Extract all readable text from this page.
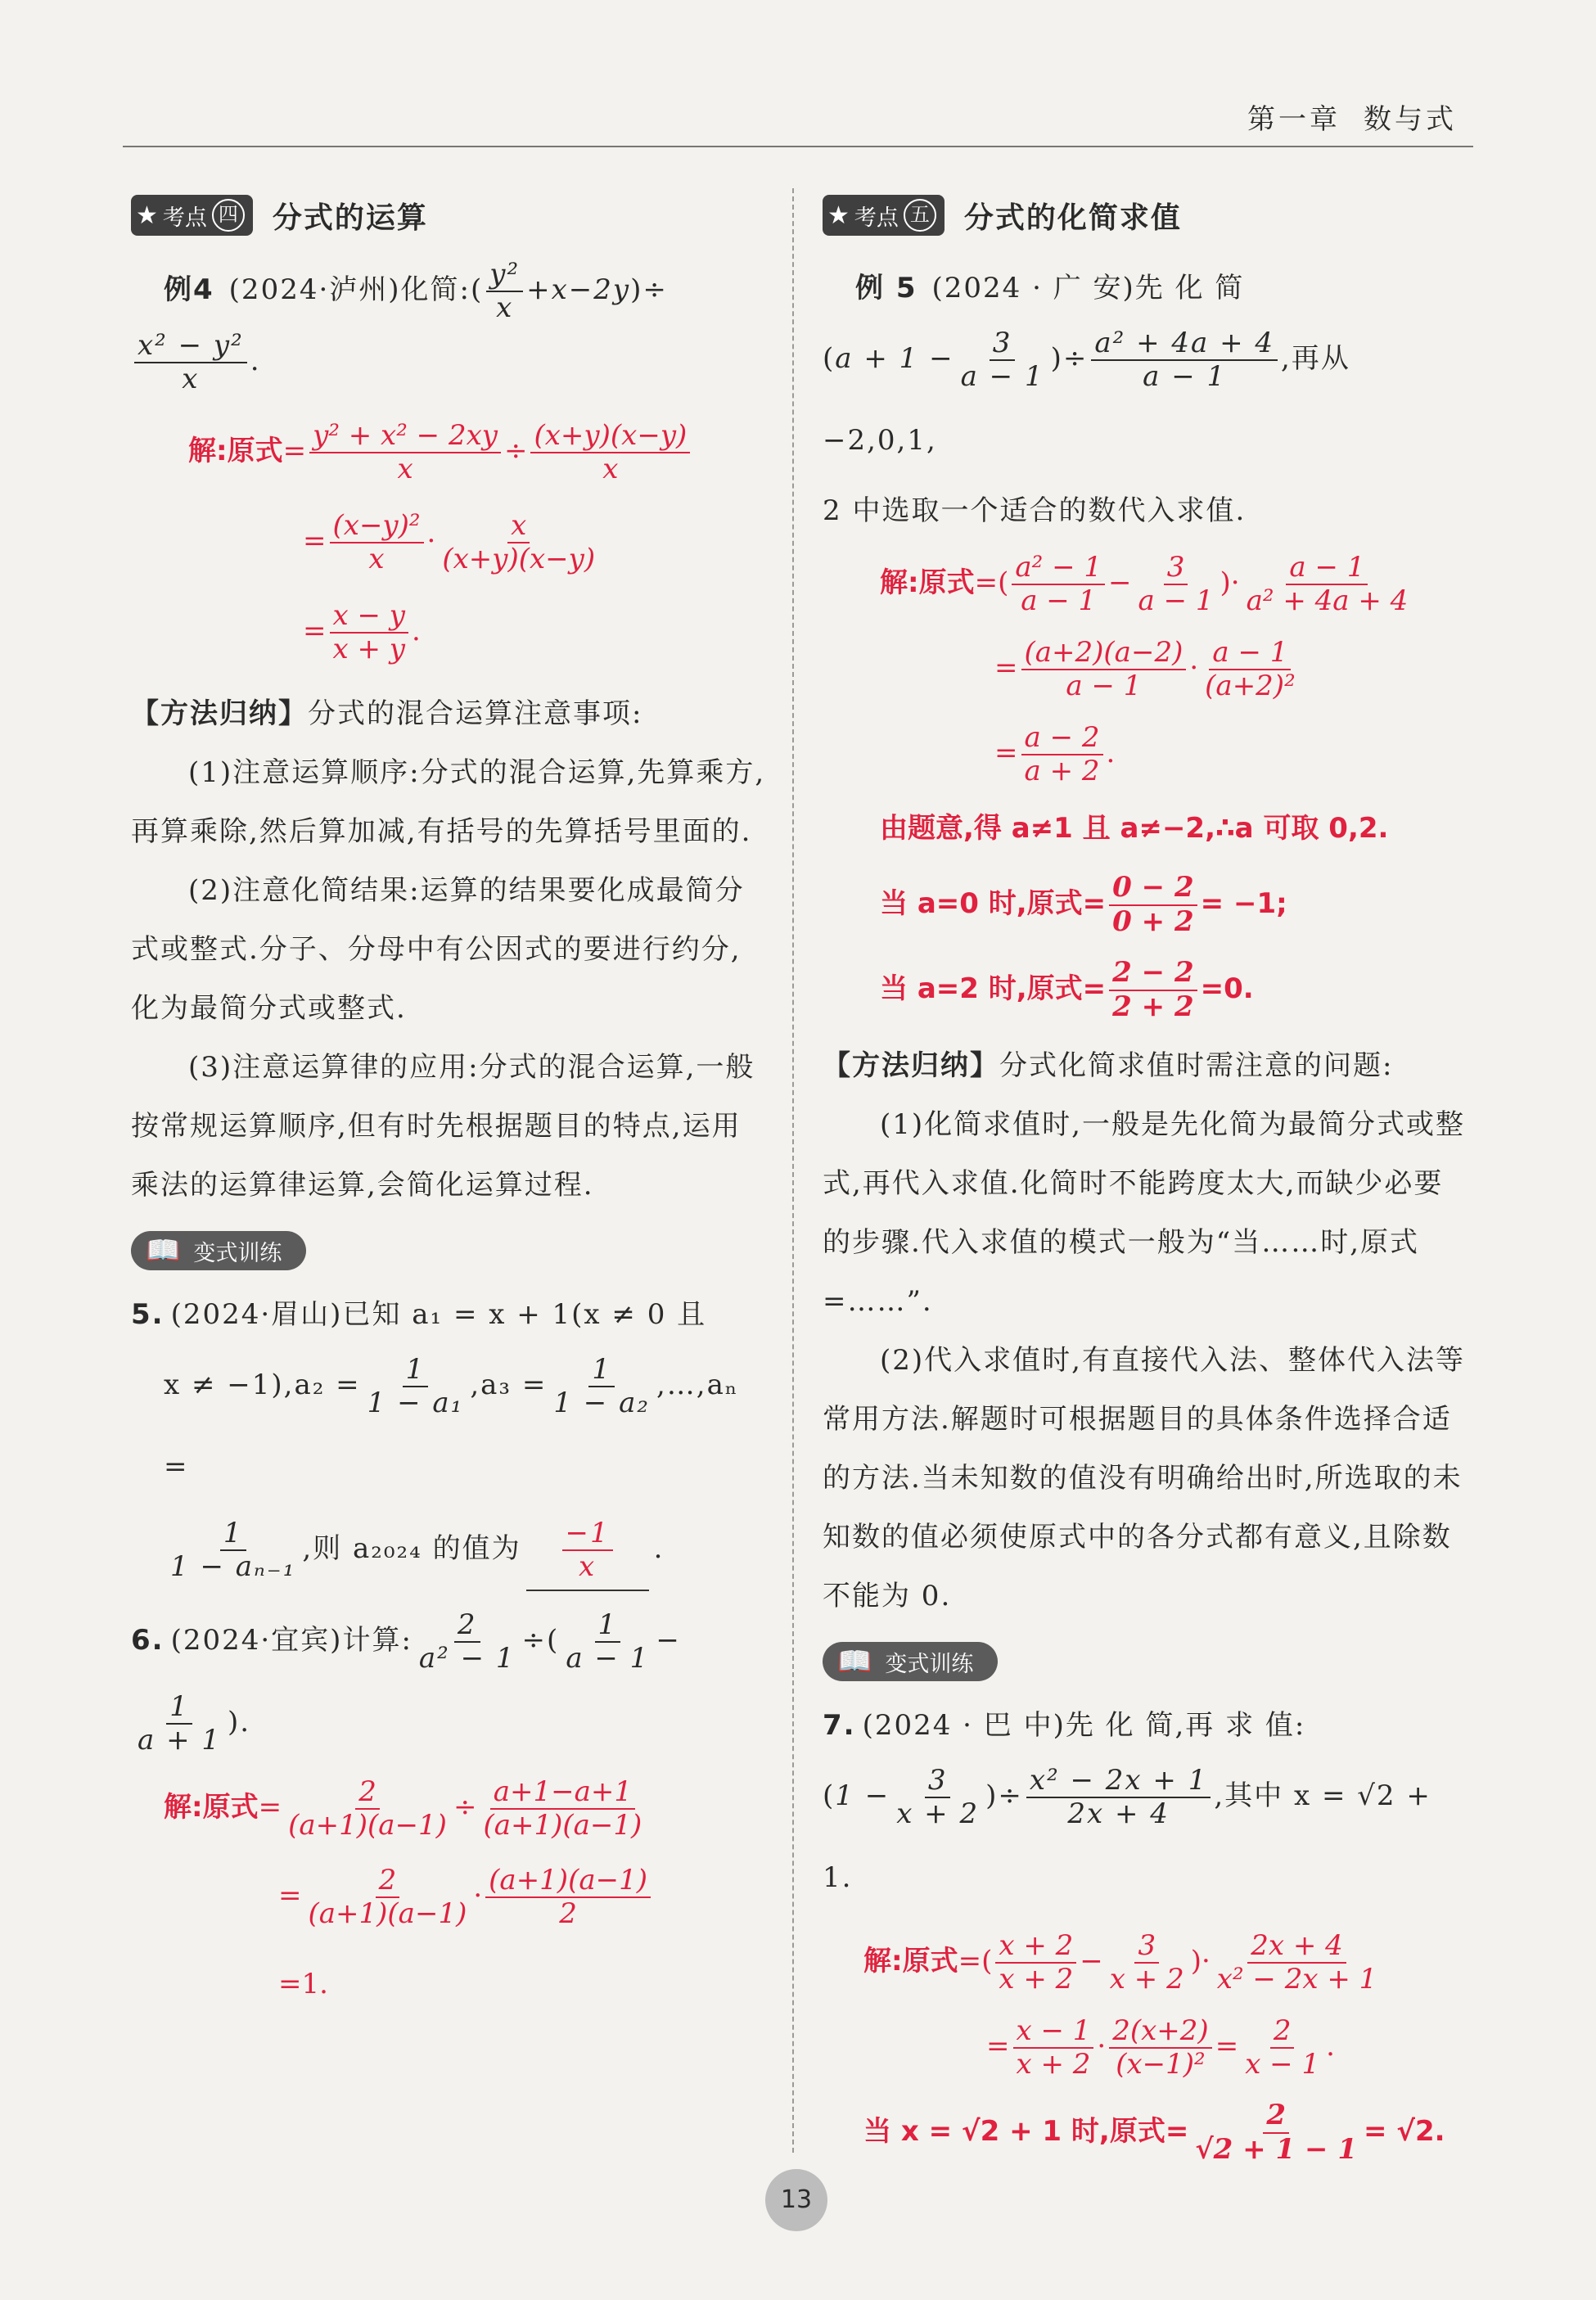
第一章 数与式
★ 考点 四 分式的运算

例4 (2024·泸州)化简:( $\frac{\text{y²}}{x} +x-2y)\div$

$\frac{\text{x² − y²}}{x}$ .

解:原式= $\frac{\text{y² + x² − 2xy}}{x} \div \frac{(x+y)(x-y)}{x}$
= $\frac{\text{(x−y)²}}{x} \cdot \frac{x}{(x+y)(x-y)}$
= $\frac{x - y}{x + y}$ .

【方法归纳】分式的混合运算注意事项:

(1)注意运算顺序:分式的混合运算,先算乘方,再算乘除,然后算加减,有括号的先算括号里面的.

(2)注意化简结果:运算的结果要化成最简分式或整式.分子、分母中有公因式的要进行约分,化为最简分式或整式.

(3)注意运算律的应用:分式的混合运算,一般按常规运算顺序,但有时先根据题目的特点,运用乘法的运算律运算,会简化运算过程.

📖 变式训练

5. (2024·眉山)已知 a₁ = x + 1(x ≠ 0 且

$x \ne -1),a_2 = \frac{1}{\text{1 − a₁}} ,a_3 = \frac{1}{\text{1 − a₂}}$ ,…,aₙ =

$\frac{1}{\text{1 − aₙ₋₁}}$ ,则 a₂₀₂₄ 的值为 $\frac{-1}{x}$ .

6. (2024·宜宾)计算: $\frac{2}{\text{a² − 1}}$ ÷( $\frac{1}{a - 1}$ −
$\frac{1}{a + 1}$ ).

解:原式= $\frac{2}{(a+1)(a-1)} \div \frac{a+1-a+1}{(a+1)(a-1)}$
= $\frac{2}{(a+1)(a-1)} \cdot \frac{(a+1)(a-1)}{2}$
=1.
★ 考点 五 分式的化简求值

例 5 (2024 · 广 安)先 化 简

($a + 1 - \frac{3}{a - 1}$ )÷ $\frac{\text{a² + 4a + 4}}{a - 1}$ ,再从 −2,0,1,

2 中选取一个适合的数代入求值.

解:原式=( $\frac{\text{a² − 1}}{a - 1} - \frac{3}{a - 1}$ )· $\frac{a - 1}{\text{a² + 4a + 4}}$
= $\frac{(a+2)(a-2)}{a - 1} \cdot \frac{a - 1}{\text{(a+2)²}}$
= $\frac{a - 2}{a + 2}$ .
由题意,得 a≠1 且 a≠−2,∴a 可取 0,2.
当 a=0 时,原式= $\frac{0 - 2}{0 + 2} = -1$;
当 a=2 时,原式= $\frac{2 - 2}{2 + 2} =0$.

【方法归纳】分式化简求值时需注意的问题:

(1)化简求值时,一般是先化简为最简分式或整式,再代入求值.化简时不能跨度太大,而缺少必要的步骤.代入求值的模式一般为“当……时,原式=……”.

(2)代入求值时,有直接代入法、整体代入法等常用方法.解题时可根据题目的具体条件选择合适的方法.当未知数的值没有明确给出时,所选取的未知数的值必须使原式中的各分式都有意义,且除数不能为 0.

📖 变式训练

7. (2024 · 巴 中)先 化 简,再 求 值:

($1 - \frac{3}{x + 2}$ )÷ $\frac{\text{x² − 2x + 1}}{2x + 4}$ ,其中 x = √2 + 1.

解:原式=( $\frac{x + 2}{x + 2} - \frac{3}{x + 2}$ )· $\frac{2x + 4}{\text{x² − 2x + 1}}$
= $\frac{x - 1}{x + 2} \cdot \frac{2(x+2)}{\text{(x−1)²}} = \frac{2}{x - 1}$ .
当 x = √2 + 1 时,原式= $\frac{2}{√2 + 1 - 1} = √2$.
13
